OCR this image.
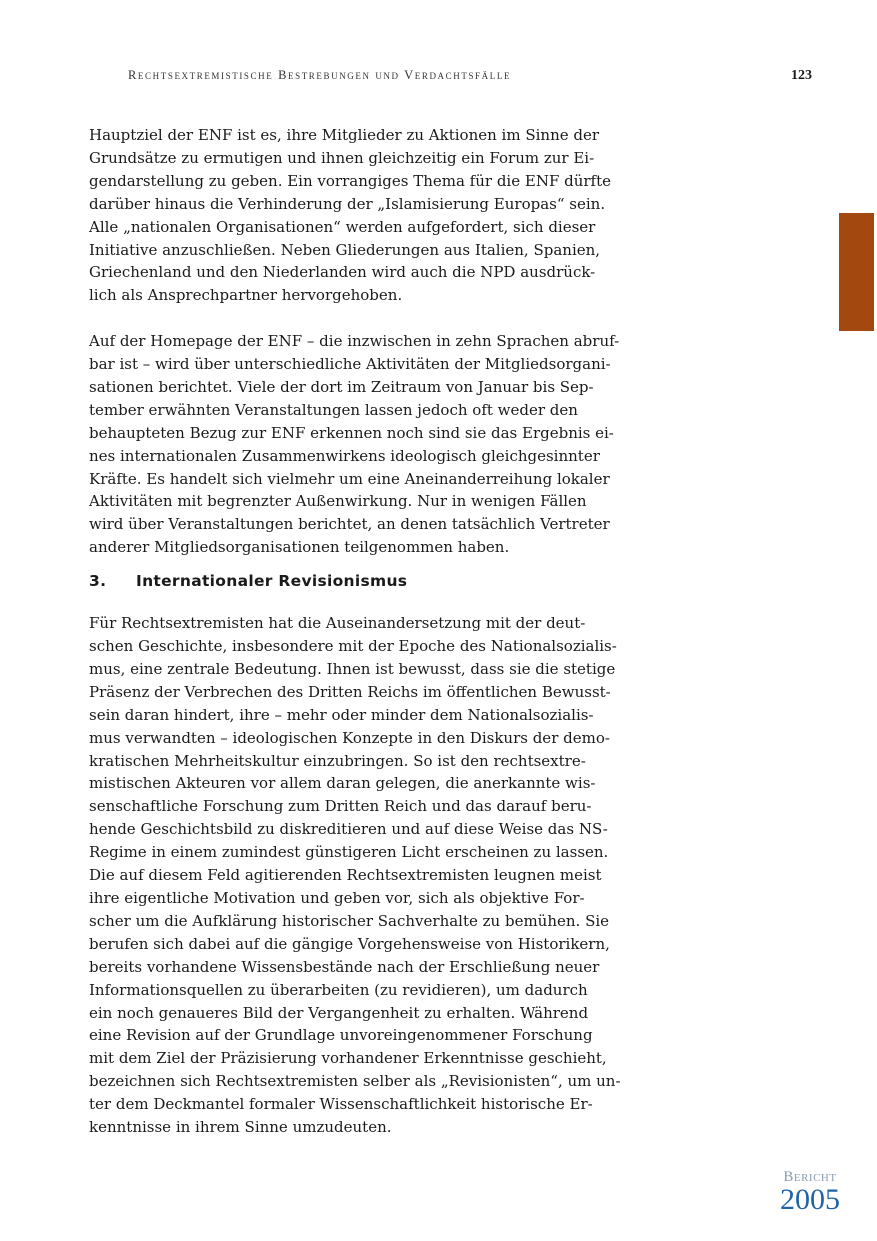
Rechtsextremistische Bestrebungen und Verdachtsfälle	123
Hauptziel der ENF ist es, ihre Mitglieder zu Aktionen im Sinne der
Grundsätze zu ermutigen und ihnen gleichzeitig ein Forum zur Ei-
gendarstellung zu geben. Ein vorrangiges Thema für die ENF dürfte
darüber hinaus die Verhinderung der „Islamisierung Europas“ sein.
Alle „nationalen Organisationen“ werden aufgefordert, sich dieser
Initiative anzuschließen. Neben Gliederungen aus Italien, Spanien,
Griechenland und den Niederlanden wird auch die NPD ausdrück-
lich als Ansprechpartner hervorgehoben.
Auf der Homepage der ENF – die inzwischen in zehn Sprachen abruf-
bar ist – wird über unterschiedliche Aktivitäten der Mitgliedsorgani-
sationen berichtet. Viele der dort im Zeitraum von Januar bis Sep-
tember erwähnten Veranstaltungen lassen jedoch oft weder den
behaupteten Bezug zur ENF erkennen noch sind sie das Ergebnis ei-
nes internationalen Zusammenwirkens ideologisch gleichgesinnter
Kräfte. Es handelt sich vielmehr um eine Aneinanderreihung lokaler
Aktivitäten mit begrenzter Außenwirkung. Nur in wenigen Fällen
wird über Veranstaltungen berichtet, an denen tatsächlich Vertreter
anderer Mitgliedsorganisationen teilgenommen haben.
3.	Internationaler Revisionismus
Für Rechtsextremisten hat die Auseinandersetzung mit der deut-
schen Geschichte, insbesondere mit der Epoche des Nationalsozialis-
mus, eine zentrale Bedeutung. Ihnen ist bewusst, dass sie die stetige
Präsenz der Verbrechen des Dritten Reichs im öffentlichen Bewusst-
sein daran hindert, ihre – mehr oder minder dem Nationalsozialis-
mus verwandten – ideologischen Konzepte in den Diskurs der demo-
kratischen Mehrheitskultur einzubringen. So ist den rechtsextre-
mistischen Akteuren vor allem daran gelegen, die anerkannte wis-
senschaftliche Forschung zum Dritten Reich und das darauf beru-
hende Geschichtsbild zu diskreditieren und auf diese Weise das NS-
Regime in einem zumindest günstigeren Licht erscheinen zu lassen.
Die auf diesem Feld agitierenden Rechtsextremisten leugnen meist
ihre eigentliche Motivation und geben vor, sich als objektive For-
scher um die Aufklärung historischer Sachverhalte zu bemühen. Sie
berufen sich dabei auf die gängige Vorgehensweise von Historikern,
bereits vorhandene Wissensbestände nach der Erschließung neuer
Informationsquellen zu überarbeiten (zu revidieren), um dadurch
ein noch genaueres Bild der Vergangenheit zu erhalten. Während
eine Revision auf der Grundlage unvoreingenommener Forschung
mit dem Ziel der Präzisierung vorhandener Erkenntnisse geschieht,
bezeichnen sich Rechtsextremisten selber als „Revisionisten“, um un-
ter dem Deckmantel formaler Wissenschaftlichkeit historische Er-
kenntnisse in ihrem Sinne umzudeuten.
Bericht
2005
